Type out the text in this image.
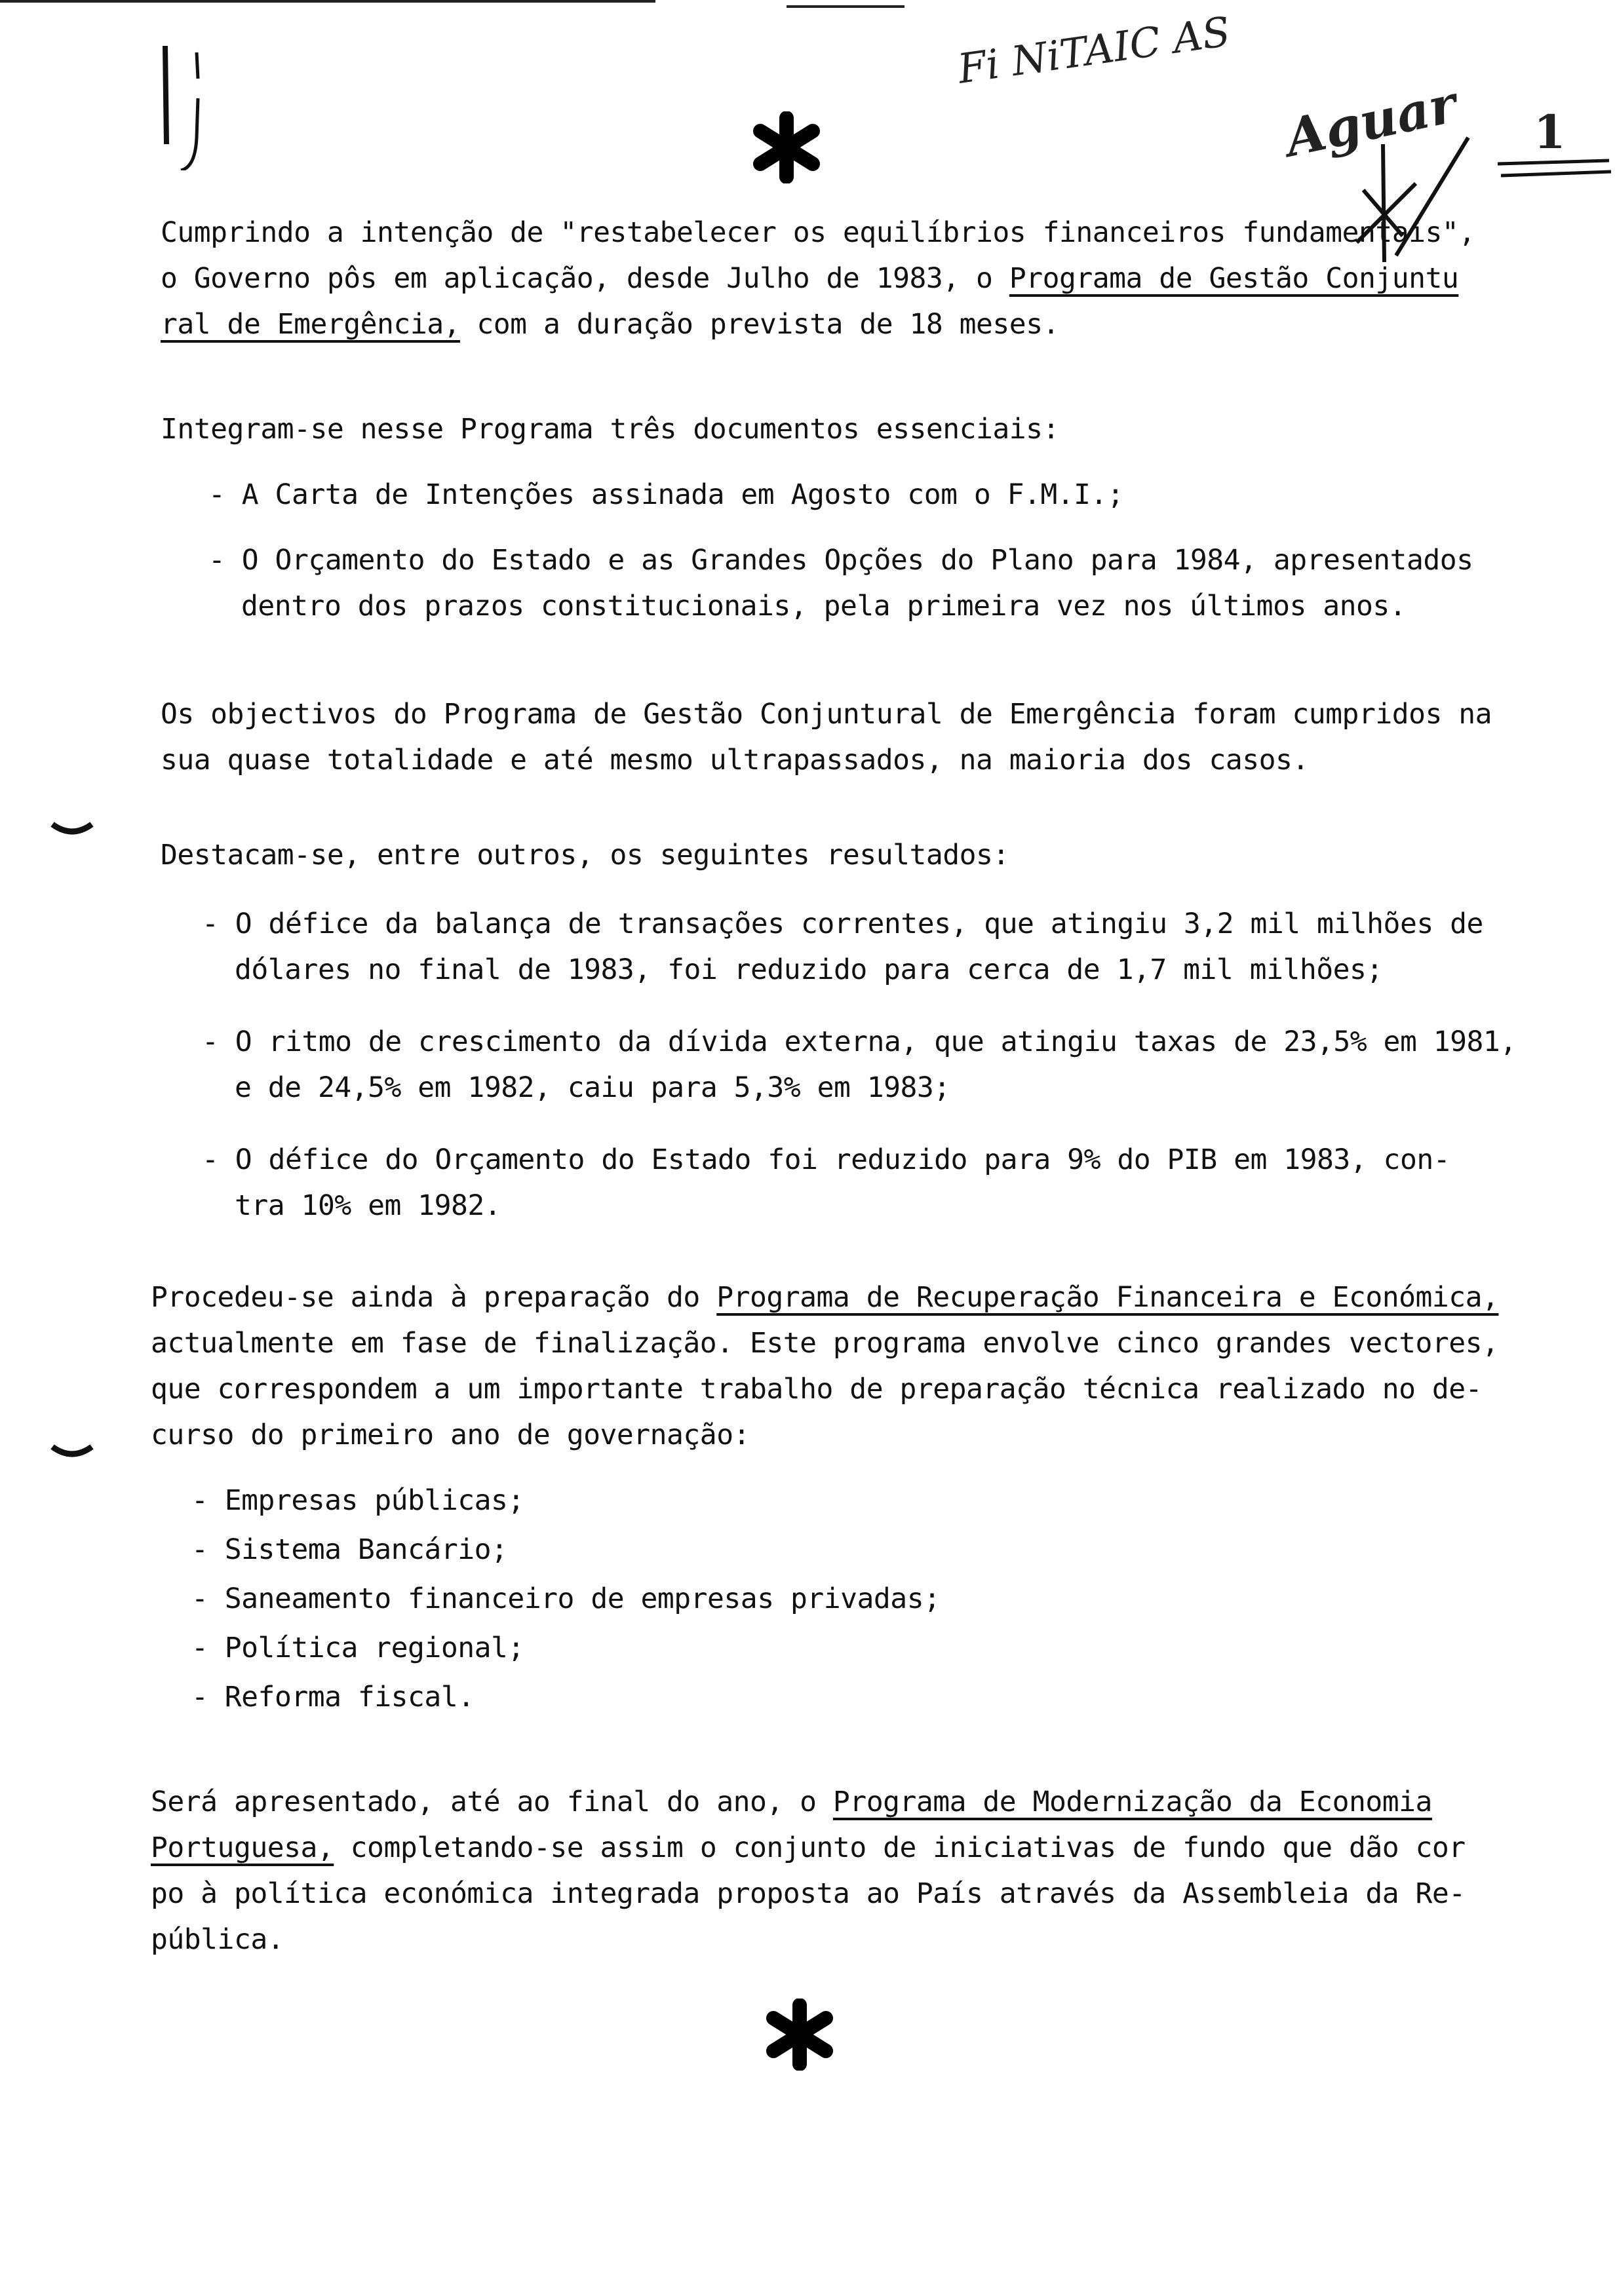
Fi NiTAIC AS
Aguar 1
Cumprindo a intenção de "restabelecer os equilíbrios financeiros fundamentais",
o Governo pôs em aplicação, desde Julho de 1983, o Programa de Gestão Conjuntu
ral de Emergência, com a duração prevista de 18 meses.
Integram-se nesse Programa três documentos essenciais:
- A Carta de Intenções assinada em Agosto com o F.M.I.;
- O Orçamento do Estado e as Grandes Opções do Plano para 1984, apresentados
dentro dos prazos constitucionais, pela primeira vez nos últimos anos.
Os objectivos do Programa de Gestão Conjuntural de Emergência foram cumpridos na
sua quase totalidade e até mesmo ultrapassados, na maioria dos casos.
Destacam-se, entre outros, os seguintes resultados:
- O défice da balança de transações correntes, que atingiu 3,2 mil milhões de
dólares no final de 1983, foi reduzido para cerca de 1,7 mil milhões;
- O ritmo de crescimento da dívida externa, que atingiu taxas de 23,5% em 1981,
e de 24,5% em 1982, caiu para 5,3% em 1983;
- O défice do Orçamento do Estado foi reduzido para 9% do PIB em 1983, con-
tra 10% em 1982.
Procedeu-se ainda à preparação do Programa de Recuperação Financeira e Económica,
actualmente em fase de finalização. Este programa envolve cinco grandes vectores,
que correspondem a um importante trabalho de preparação técnica realizado no de-
curso do primeiro ano de governação:
- Empresas públicas;
- Sistema Bancário;
- Saneamento financeiro de empresas privadas;
- Política regional;
- Reforma fiscal.
Será apresentado, até ao final do ano, o Programa de Modernização da Economia
Portuguesa, completando-se assim o conjunto de iniciativas de fundo que dão cor
po à política económica integrada proposta ao País através da Assembleia da Re-
pública.
